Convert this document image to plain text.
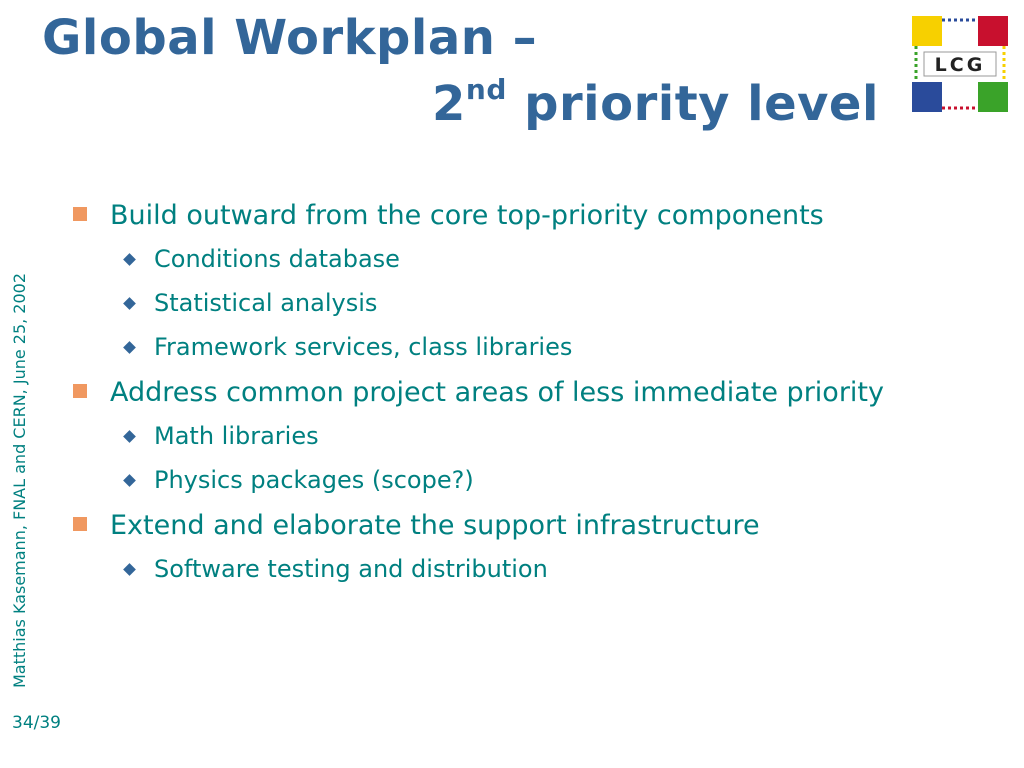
Global Workplan –
2nd priority level
LCG
Build outward from the core top-priority components
Conditions database
Statistical analysis
Framework services, class libraries
Address common project areas of less immediate priority
Math libraries
Physics packages (scope?)
Extend and elaborate the support infrastructure
Software testing and distribution
Matthias Kasemann, FNAL and CERN, June 25, 2002
34/39
